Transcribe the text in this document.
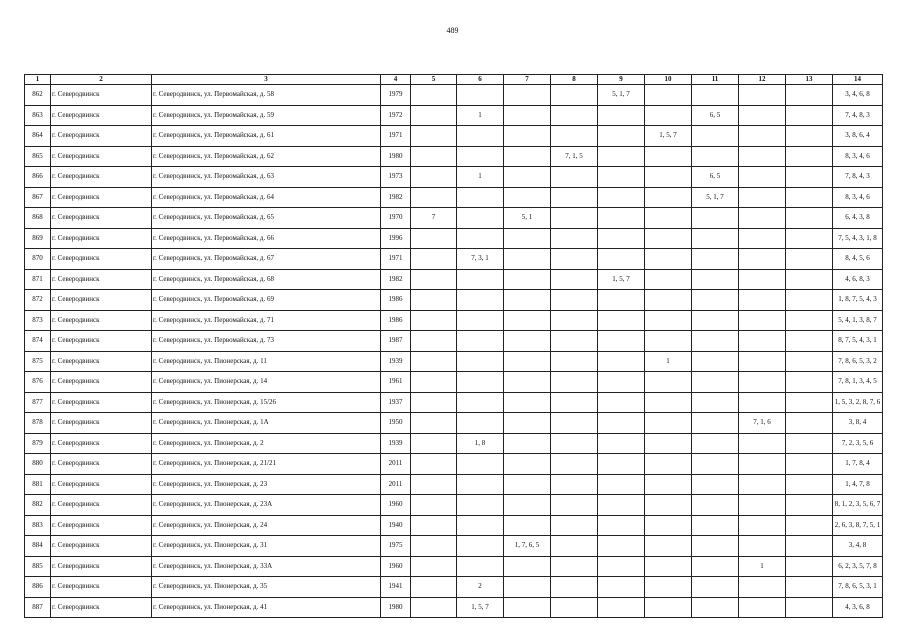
489
1	2	3	4	5	6	7	8	9	10	11	12	13	14
862	г. Северодвинск	г. Северодвинск, ул. Первомайская, д. 58	1979					5, 1, 7					3, 4, 6, 8
863	г. Северодвинск	г. Северодвинск, ул. Первомайская, д. 59	1972		1					6, 5			7, 4, 8, 3
864	г. Северодвинск	г. Северодвинск, ул. Первомайская, д. 61	1971						1, 5, 7				3, 8, 6, 4
865	г. Северодвинск	г. Северодвинск, ул. Первомайская, д. 62	1980				7, 1, 5						8, 3, 4, 6
866	г. Северодвинск	г. Северодвинск, ул. Первомайская, д. 63	1973		1					6, 5			7, 8, 4, 3
867	г. Северодвинск	г. Северодвинск, ул. Первомайская, д. 64	1982							5, 1, 7			8, 3, 4, 6
868	г. Северодвинск	г. Северодвинск, ул. Первомайская, д. 65	1970	7		5, 1							6, 4, 3, 8
869	г. Северодвинск	г. Северодвинск, ул. Первомайская, д. 66	1996										7, 5, 4, 3, 1, 8
870	г. Северодвинск	г. Северодвинск, ул. Первомайская, д. 67	1971		7, 3, 1								8, 4, 5, 6
871	г. Северодвинск	г. Северодвинск, ул. Первомайская, д. 68	1982					1, 5, 7					4, 6, 8, 3
872	г. Северодвинск	г. Северодвинск, ул. Первомайская, д. 69	1986										1, 8, 7, 5, 4, 3
873	г. Северодвинск	г. Северодвинск, ул. Первомайская, д. 71	1986										5, 4, 1, 3, 8, 7
874	г. Северодвинск	г. Северодвинск, ул. Первомайская, д. 73	1987										8, 7, 5, 4, 3, 1
875	г. Северодвинск	г. Северодвинск, ул. Пионерская, д. 11	1939						1				7, 8, 6, 5, 3, 2
876	г. Северодвинск	г. Северодвинск, ул. Пионерская, д. 14	1961										7, 8, 1, 3, 4, 5
877	г. Северодвинск	г. Северодвинск, ул. Пионерская, д. 15/26	1937										1, 5, 3, 2, 8, 7, 6
878	г. Северодвинск	г. Северодвинск, ул. Пионерская, д. 1А	1950								7, 1, 6		3, 8, 4
879	г. Северодвинск	г. Северодвинск, ул. Пионерская, д. 2	1939		1, 8								7, 2, 3, 5, 6
880	г. Северодвинск	г. Северодвинск, ул. Пионерская, д. 21/21	2011										1, 7, 8, 4
881	г. Северодвинск	г. Северодвинск, ул. Пионерская, д. 23	2011										1, 4, 7, 8
882	г. Северодвинск	г. Северодвинск, ул. Пионерская, д. 23А	1960										8, 1, 2, 3, 5, 6, 7
883	г. Северодвинск	г. Северодвинск, ул. Пионерская, д. 24	1940										2, 6, 3, 8, 7, 5, 1
884	г. Северодвинск	г. Северодвинск, ул. Пионерская, д. 31	1975			1, 7, 6, 5							3, 4, 8
885	г. Северодвинск	г. Северодвинск, ул. Пионерская, д. 33А	1960								1		6, 2, 3, 5, 7, 8
886	г. Северодвинск	г. Северодвинск, ул. Пионерская, д. 35	1941		2								7, 8, 6, 5, 3, 1
887	г. Северодвинск	г. Северодвинск, ул. Пионерская, д. 41	1980		1, 5, 7								4, 3, 6, 8
